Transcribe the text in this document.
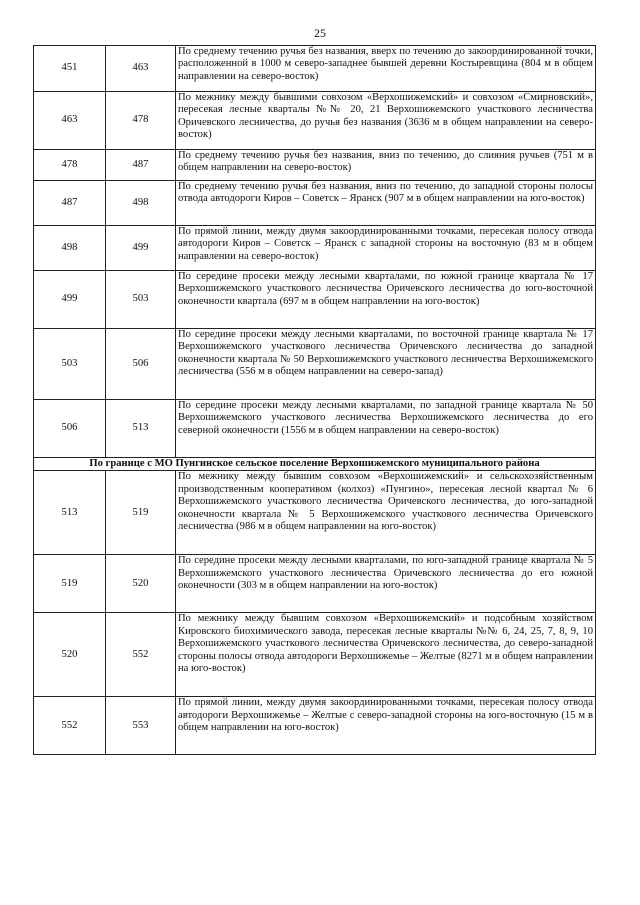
25
451	463	По среднему течению ручья без названия, вверх по течению до закоординированной точки, расположенной в 1000 м северо-западнее бывшей деревни Костыревщина (804 м в общем направлении на северо-восток)
463	478	По межнику между бывшими совхозом «Верхошижемский» и совхозом «Смирновский», пересекая лесные кварталы №№ 20, 21 Верхошижемского участкового лесничества Оричевского лесничества, до ручья без названия (3636 м в общем направлении на северо-восток)
478	487	По среднему течению ручья без названия, вниз по течению, до слияния ручьев (751 м в общем направлении на северо-восток)
487	498	По среднему течению ручья без названия, вниз по течению, до западной стороны полосы отвода автодороги Киров – Советск – Яранск (907 м в общем направлении на юго-восток)
498	499	По прямой линии, между двумя закоординированными точками, пересекая полосу отвода автодороги Киров – Советск – Яранск с западной стороны на восточную (83 м в общем направлении на северо-восток)
499	503	По середине просеки между лесными кварталами, по южной границе квартала № 17 Верхошижемского участкового лесничества Оричевского лесничества до юго-восточной оконечности квартала (697 м в общем направлении на юго-восток)
503	506	По середине просеки между лесными кварталами, по восточной границе квартала № 17 Верхошижемского участкового лесничества Оричевского лесничества до западной оконечности квартала № 50 Верхошижемского участкового лесничества Верхошижемского лесничества (556 м в общем направлении на северо-запад)
506	513	По середине просеки между лесными кварталами, по западной границе квартала № 50 Верхошижемского участкового лесничества Верхошижемского лесничества до его северной оконечности (1556 м в общем направлении на северо-восток)
По границе с МО Пунгинское сельское поселение Верхошижемского муниципального района		
513	519	По межнику между бывшим совхозом «Верхошижемский» и сельскохозяйственным производственным кооперативом (колхоз) «Пунгино», пересекая лесной квартал № 6 Верхошижемского участкового лесничества Оричевского лесничества, до юго-западной оконечности квартала № 5 Верхошижемского участкового лесничества Оричевского лесничества (986 м в общем направлении на юго-восток)
519	520	По середине просеки между лесными кварталами, по юго-западной границе квартала № 5 Верхошижемского участкового лесничества Оричевского лесничества до его южной оконечности (303 м в общем направлении на юго-восток)
520	552	По межнику между бывшим совхозом «Верхошижемский» и подсобным хозяйством Кировского биохимического завода, пересекая лесные кварталы №№ 6, 24, 25, 7, 8, 9, 10 Верхошижемского участкового лесничества Оричевского лесничества, до северо-западной стороны полосы отвода автодороги Верхошижемье – Желтые (8271 м в общем направлении на юго-восток)
552	553	По прямой линии, между двумя закоординированными точками, пересекая полосу отвода автодороги Верхошижемье – Желтые с северо-западной стороны на юго-восточную (15 м в общем направлении на юго-восток)
